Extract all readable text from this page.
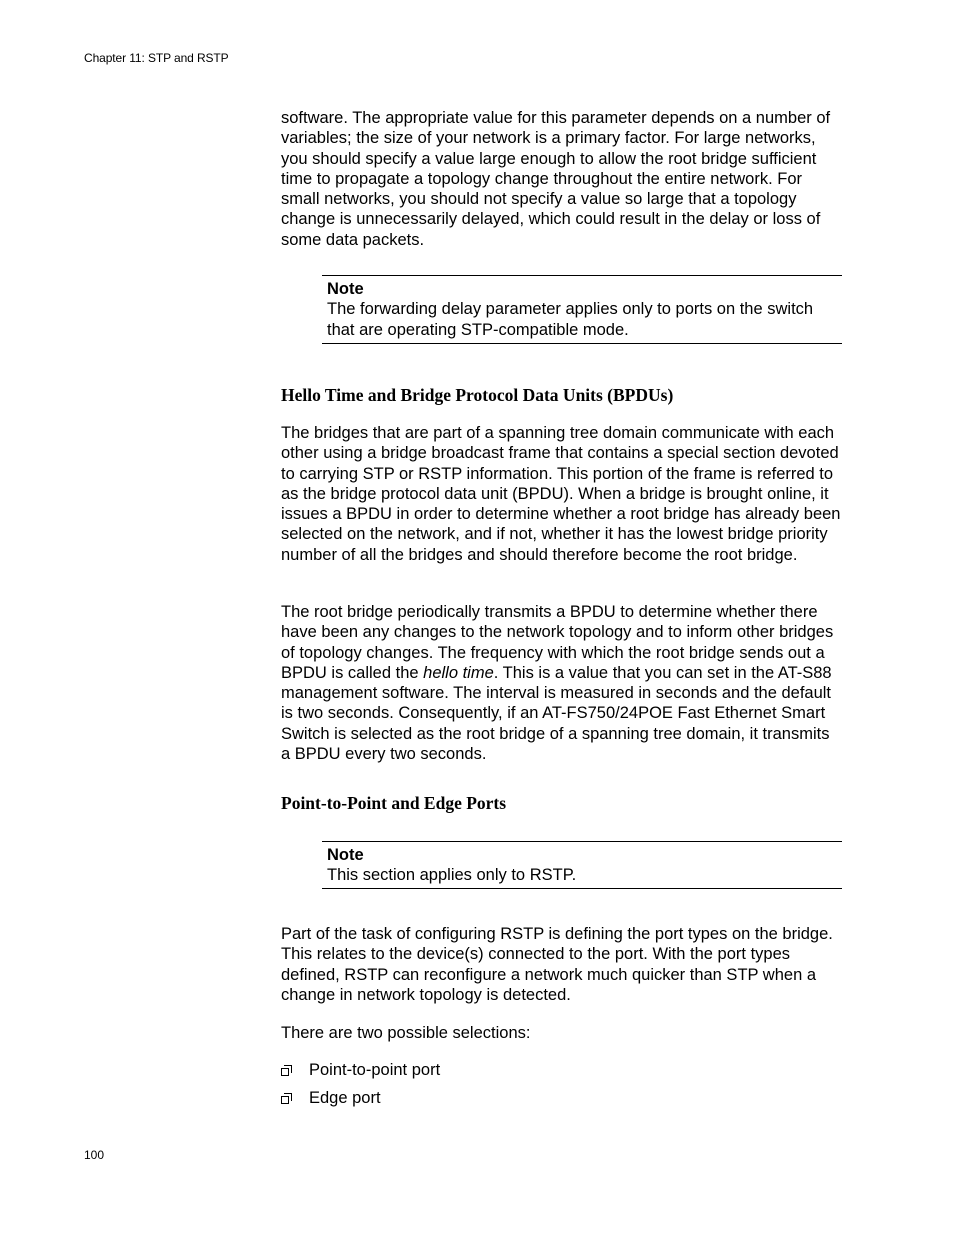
Chapter 11: STP and RSTP

software. The appropriate value for this parameter depends on a number of variables; the size of your network is a primary factor. For large networks, you should specify a value large enough to allow the root bridge sufficient time to propagate a topology change throughout the entire network. For small networks, you should not specify a value so large that a topology change is unnecessarily delayed, which could result in the delay or loss of some data packets.

Note
The forwarding delay parameter applies only to ports on the switch that are operating STP-compatible mode.
Hello Time and Bridge Protocol Data Units (BPDUs)

The bridges that are part of a spanning tree domain communicate with each other using a bridge broadcast frame that contains a special section devoted to carrying STP or RSTP information. This portion of the frame is referred to as the bridge protocol data unit (BPDU). When a bridge is brought online, it issues a BPDU in order to determine whether a root bridge has already been selected on the network, and if not, whether it has the lowest bridge priority number of all the bridges and should therefore become the root bridge.

The root bridge periodically transmits a BPDU to determine whether there have been any changes to the network topology and to inform other bridges of topology changes. The frequency with which the root bridge sends out a BPDU is called the hello time. This is a value that you can set in the AT-S88 management software. The interval is measured in seconds and the default is two seconds. Consequently, if an AT-FS750/24POE Fast Ethernet Smart Switch is selected as the root bridge of a spanning tree domain, it transmits a BPDU every two seconds.

Point-to-Point and Edge Ports
Note
This section applies only to RSTP.

Part of the task of configuring RSTP is defining the port types on the bridge. This relates to the device(s) connected to the port. With the port types defined, RSTP can reconfigure a network much quicker than STP when a change in network topology is detected.

There are two possible selections:

Point-to-point port
Edge port
100
